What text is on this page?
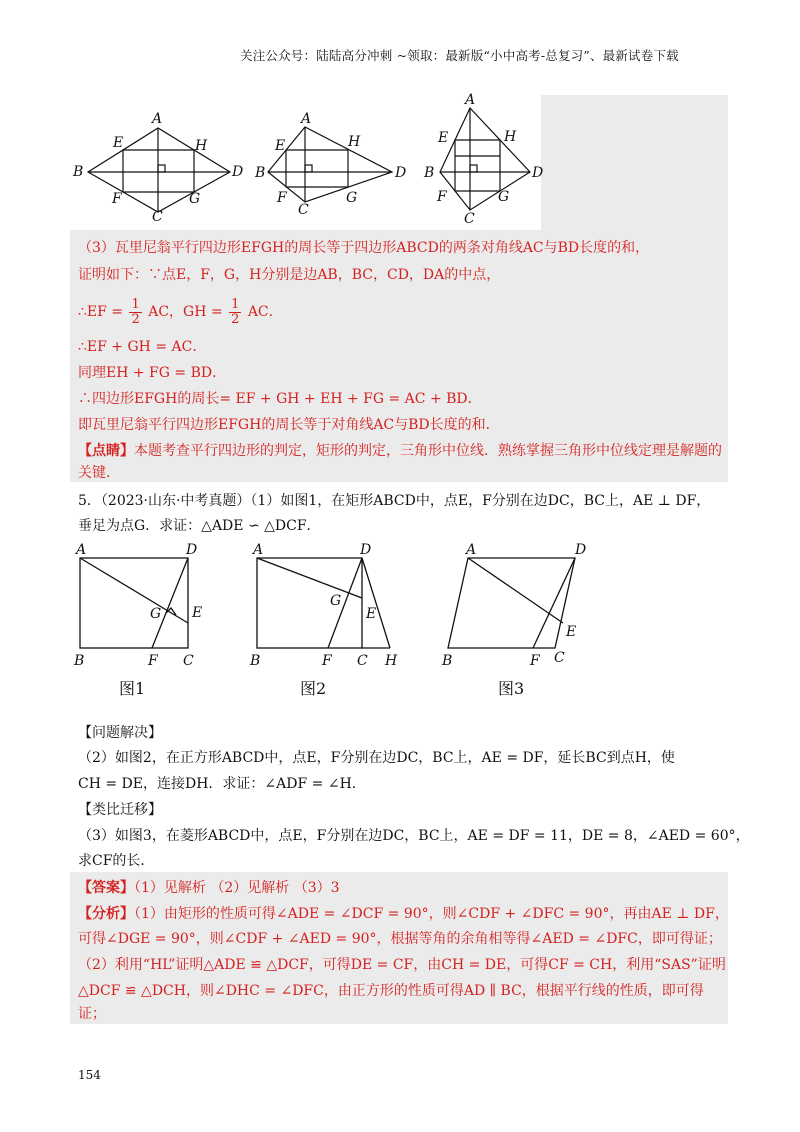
关注公众号：陆陆高分冲刺 ~领取：最新版“小中高考-总复习”、最新试卷下载
B
A
D
C
E	H
F	G
B
A
D
C
E	H
F	G
B
A
D
C
E	H
F	G
（3）瓦里尼翁平行四边形EFGH的周长等于四边形ABCD的两条对角线AC与BD长度的和，
证明如下：∵点E，F，G，H分别是边AB，BC，CD，DA的中点，
∴EF = $\frac{1}{2}$ AC，GH = $\frac{1}{2}$ AC．
∴EF + GH = AC．
同理EH + FG = BD．
∴四边形EFGH的周长= EF + GH + EH + FG = AC + BD．
即瓦里尼翁平行四边形EFGH的周长等于对角线AC与BD长度的和．
【点睛】本题考查平行四边形的判定，矩形的判定，三角形中位线．熟练掌握三角形中位线定理是解题的
关键．
5．（2023·山东·中考真题）（1）如图1，在矩形ABCD中，点E，F分别在边DC，BC上，AE ⊥ DF，
垂足为点G．求证：△ADE ∽ △DCF．
A	D
B	F C
G E
A	D
B	F C H
G
E
A	D
B	F C
E
图1	图2	图3
【问题解决】
（2）如图2，在正方形ABCD中，点E，F分别在边DC，BC上，AE = DF，延长BC到点H，使
CH = DE，连接DH．求证：∠ADF = ∠H．
【类比迁移】
（3）如图3，在菱形ABCD中，点E，F分别在边DC，BC上，AE = DF = 11，DE = 8，∠AED = 60°，
求CF的长．
【答案】（1）见解析 （2）见解析 （3）3
【分析】（1）由矩形的性质可得∠ADE = ∠DCF = 90°，则∠CDF + ∠DFC = 90°，再由AE ⊥ DF，
可得∠DGE = 90°，则∠CDF + ∠AED = 90°，根据等角的余角相等得∠AED = ∠DFC，即可得证；
（2）利用“HL”证明△ADE ≌ △DCF，可得DE = CF，由CH = DE，可得CF = CH，利用“SAS”证明
△DCF ≌ △DCH，则∠DHC = ∠DFC，由正方形的性质可得AD ∥ BC，根据平行线的性质，即可得
证；
154
